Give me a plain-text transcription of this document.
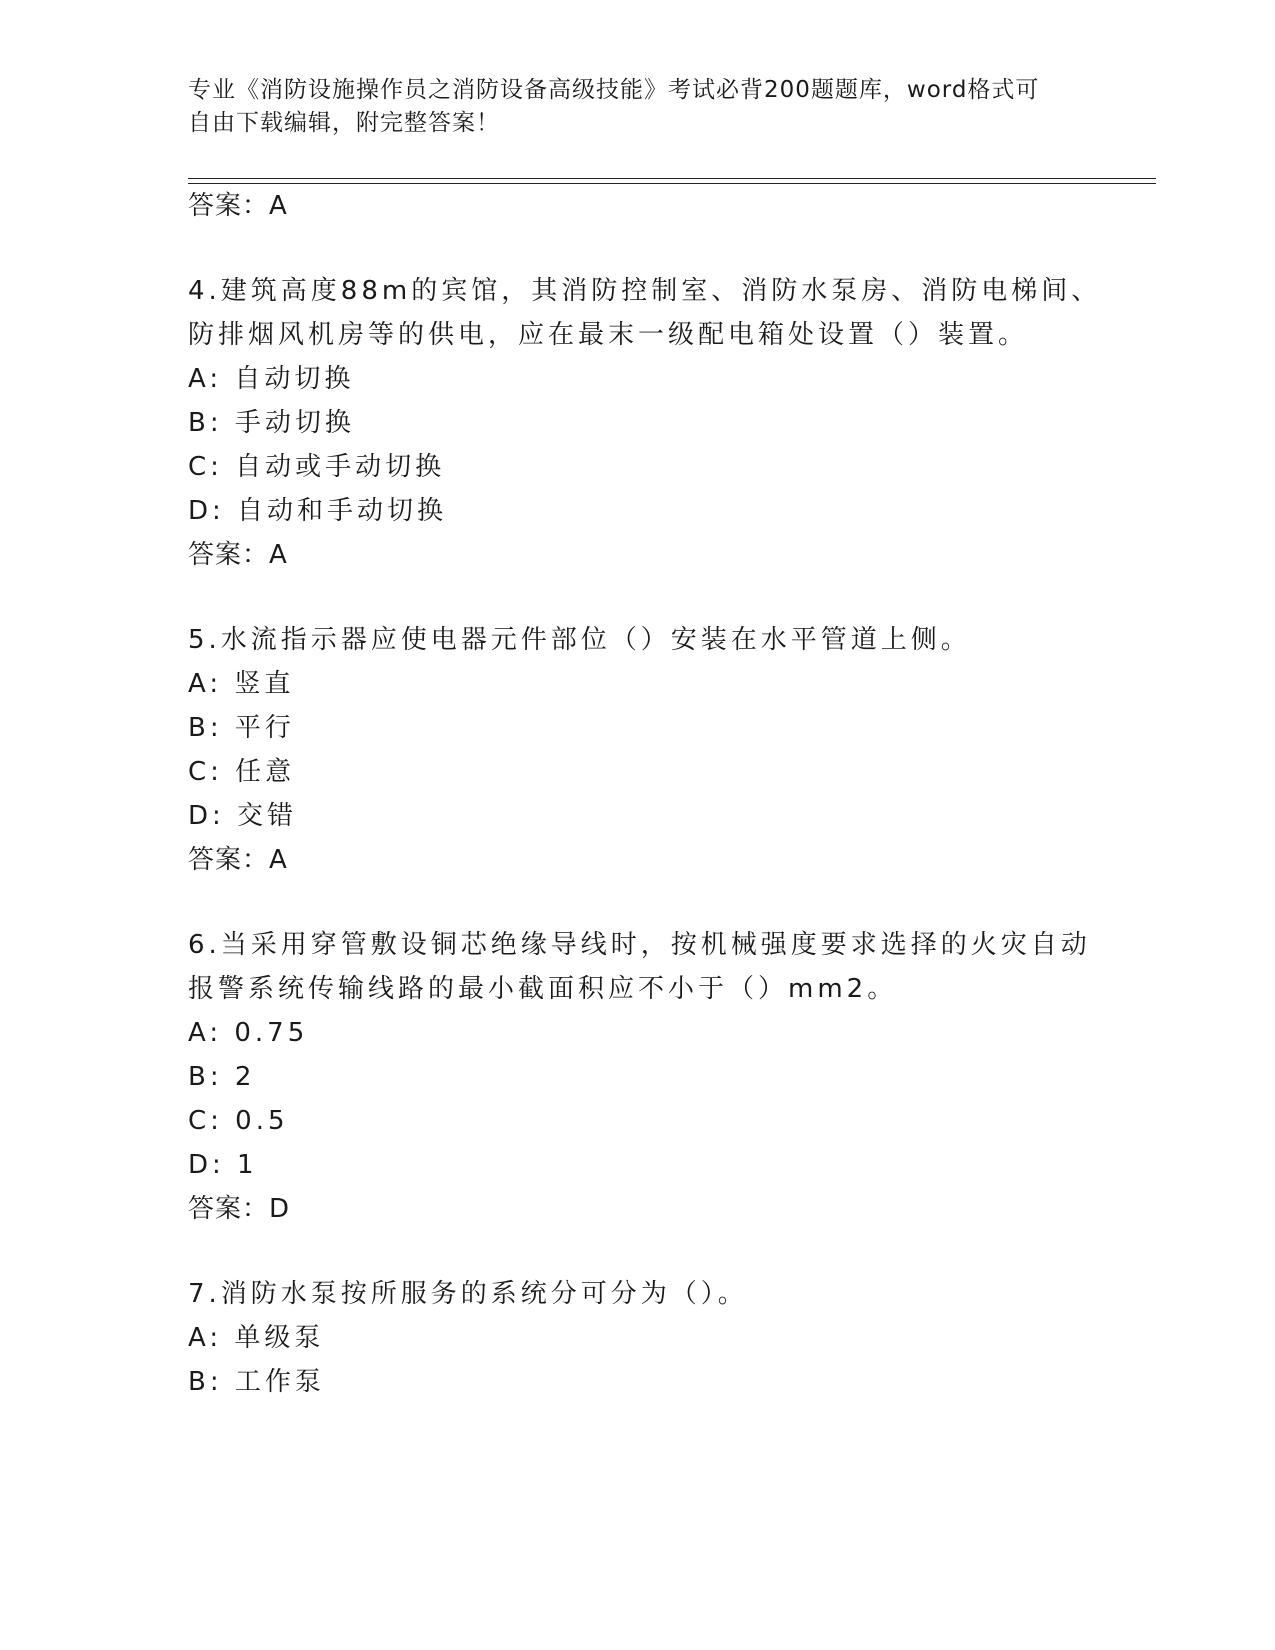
专业《消防设施操作员之消防设备高级技能》考试必背200题题库，word格式可
自由下载编辑，附完整答案！
答案：A
4.建筑高度88m的宾馆，其消防控制室、消防水泵房、消防电梯间、
防排烟风机房等的供电，应在最末一级配电箱处设置（）装置。
A: 自动切换
B: 手动切换
C: 自动或手动切换
D: 自动和手动切换
答案：A
5.水流指示器应使电器元件部位（）安装在水平管道上侧。
A: 竖直
B: 平行
C: 任意
D: 交错
答案：A
6.当采用穿管敷设铜芯绝缘导线时，按机械强度要求选择的火灾自动
报警系统传输线路的最小截面积应不小于（）mm2。
A: 0.75
B: 2
C: 0.5
D: 1
答案：D
7.消防水泵按所服务的系统分可分为（）。
A: 单级泵
B: 工作泵
